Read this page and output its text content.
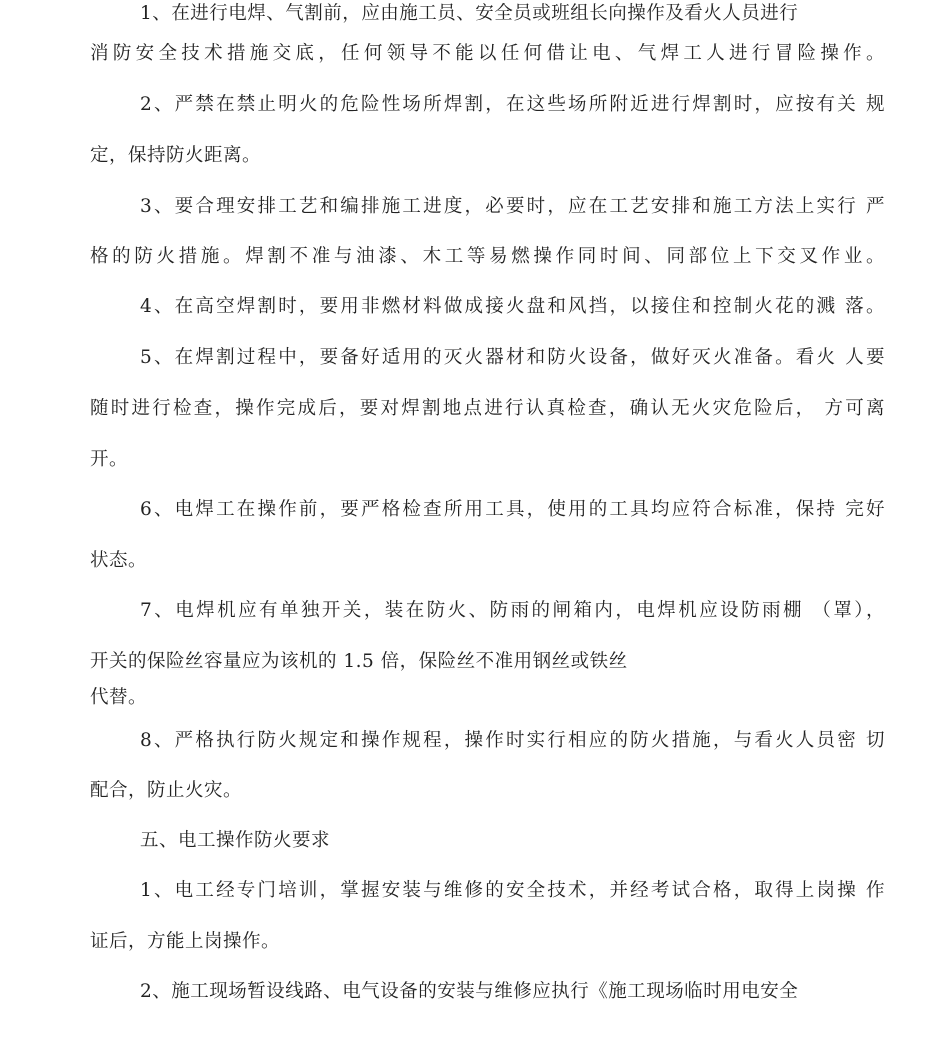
1、在进行电焊、气割前，应由施工员、安全员或班组长向操作及看火人员进行
消防安全技术措施交底，任何领导不能以任何借让电、气焊工人进行冒险操作。
2、严禁在禁止明火的危险性场所焊割，在这些场所附近进行焊割时，应按有关 规
定，保持防火距离。
3、要合理安排工艺和编排施工进度，必要时，应在工艺安排和施工方法上实行 严
格的防火措施。焊割不准与油漆、木工等易燃操作同时间、同部位上下交叉作业。
4、在高空焊割时，要用非燃材料做成接火盘和风挡，以接住和控制火花的溅 落。
5、在焊割过程中，要备好适用的灭火器材和防火设备，做好灭火准备。看火 人要
随时进行检查，操作完成后，要对焊割地点进行认真检查，确认无火灾危险后， 方可离
开。
6、电焊工在操作前，要严格检查所用工具，使用的工具均应符合标准，保持 完好
状态。
7、电焊机应有单独开关，装在防火、防雨的闸箱内，电焊机应设防雨棚 （罩），
开关的保险丝容量应为该机的 1.5 倍，保险丝不准用钢丝或铁丝
代替。
8、严格执行防火规定和操作规程，操作时实行相应的防火措施，与看火人员密 切
配合，防止火灾。
五、电工操作防火要求
1、电工经专门培训，掌握安装与维修的安全技术，并经考试合格，取得上岗操 作
证后，方能上岗操作。
2、施工现场暂设线路、电气设备的安装与维修应执行《施工现场临时用电安全
